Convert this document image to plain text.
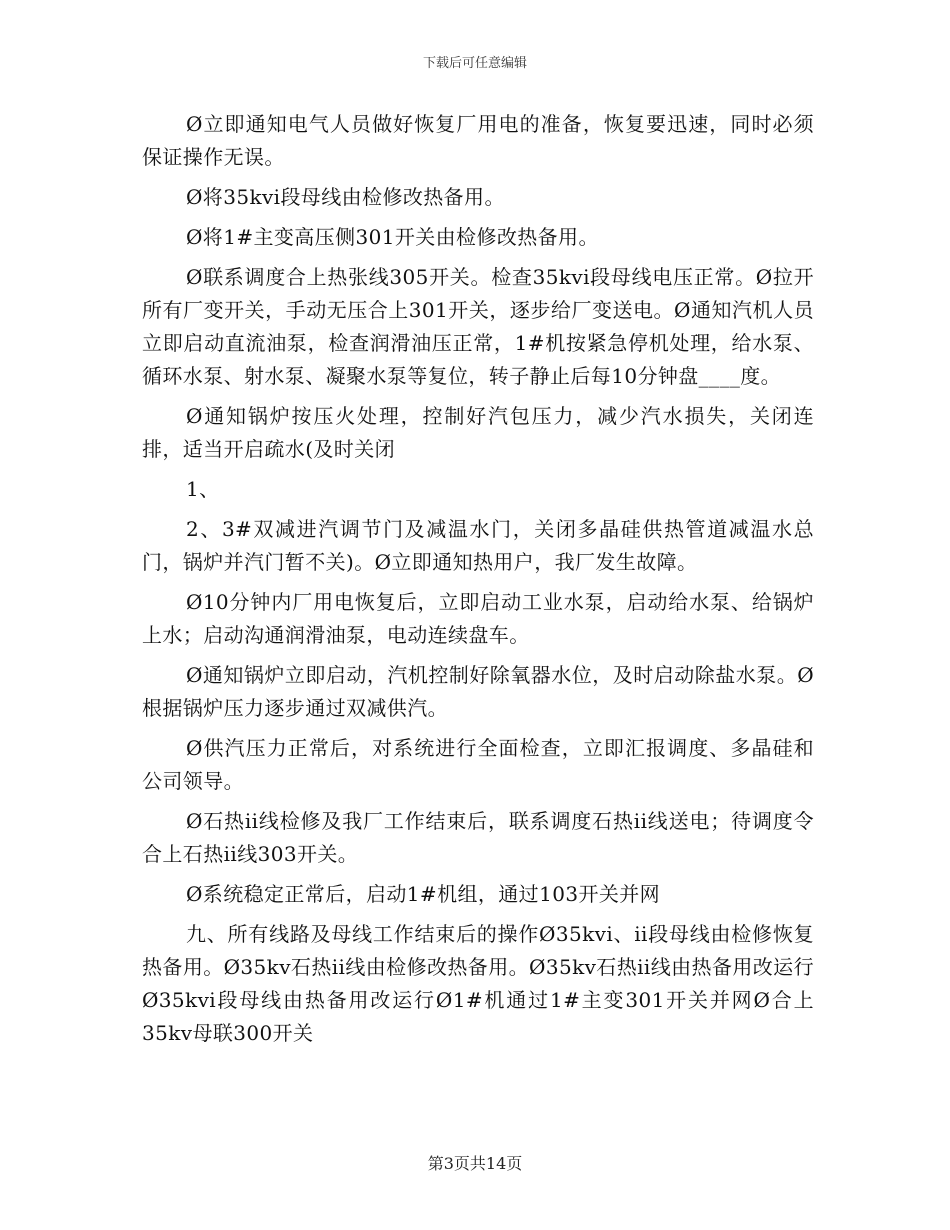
下载后可任意编辑

Ø立即通知电气人员做好恢复厂用电的准备，恢复要迅速，同时必须保证操作无误。

Ø将35kvi段母线由检修改热备用。

Ø将1#主变高压侧301开关由检修改热备用。

Ø联系调度合上热张线305开关。检查35kvi段母线电压正常。Ø拉开所有厂变开关，手动无压合上301开关，逐步给厂变送电。Ø通知汽机人员立即启动直流油泵，检查润滑油压正常，1#机按紧急停机处理，给水泵、循环水泵、射水泵、凝聚水泵等复位，转子静止后每10分钟盘____度。

Ø通知锅炉按压火处理，控制好汽包压力，减少汽水损失，关闭连排，适当开启疏水(及时关闭

1、

2、3#双减进汽调节门及减温水门，关闭多晶硅供热管道减温水总门，锅炉并汽门暂不关)。Ø立即通知热用户，我厂发生故障。

Ø10分钟内厂用电恢复后，立即启动工业水泵，启动给水泵、给锅炉上水；启动沟通润滑油泵，电动连续盘车。

Ø通知锅炉立即启动，汽机控制好除氧器水位，及时启动除盐水泵。Ø根据锅炉压力逐步通过双减供汽。

Ø供汽压力正常后，对系统进行全面检查，立即汇报调度、多晶硅和公司领导。

Ø石热ii线检修及我厂工作结束后，联系调度石热ii线送电；待调度令合上石热ii线303开关。

Ø系统稳定正常后，启动1#机组，通过103开关并网

九、所有线路及母线工作结束后的操作Ø35kvi、ii段母线由检修恢复热备用。Ø35kv石热ii线由检修改热备用。Ø35kv石热ii线由热备用改运行Ø35kvi段母线由热备用改运行Ø1#机通过1#主变301开关并网Ø合上35kv母联300开关

第3页共14页
